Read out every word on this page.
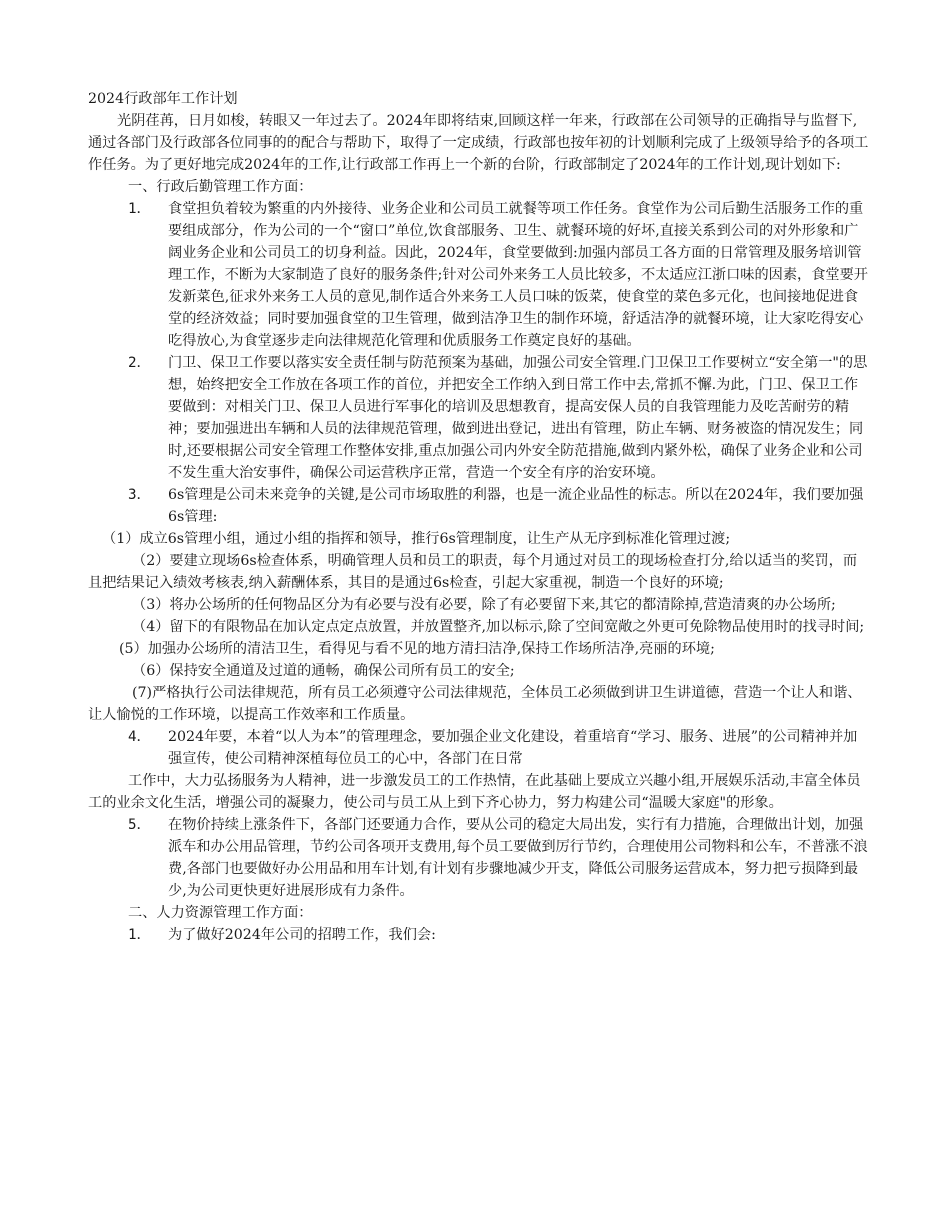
2024行政部年工作计划

光阴荏苒，日月如梭，转眼又一年过去了。2024年即将结束,回顾这样一年来，行政部在公司领导的正确指导与监督下,通过各部门及行政部各位同事的的配合与帮助下，取得了一定成绩，行政部也按年初的计划顺利完成了上级领导给予的各项工作任务。为了更好地完成2024年的工作,让行政部工作再上一个新的台阶，行政部制定了2024年的工作计划,现计划如下:

一、行政后勤管理工作方面：

1． 食堂担负着较为繁重的内外接待、业务企业和公司员工就餐等项工作任务。食堂作为公司后勤生活服务工作的重要组成部分，作为公司的一个“窗口”单位,饮食部服务、卫生、就餐环境的好坏,直接关系到公司的对外形象和广阔业务企业和公司员工的切身利益。因此，2024年，食堂要做到:加强内部员工各方面的日常管理及服务培训管理工作，不断为大家制造了良好的服务条件;针对公司外来务工人员比较多，不太适应江浙口味的因素，食堂要开发新菜色,征求外来务工人员的意见,制作适合外来务工人员口味的饭菜，使食堂的菜色多元化，也间接地促进食堂的经济效益；同时要加强食堂的卫生管理，做到洁净卫生的制作环境，舒适洁净的就餐环境，让大家吃得安心吃得放心,为食堂逐步走向法律规范化管理和优质服务工作奠定良好的基础。

2． 门卫、保卫工作要以落实安全责任制与防范预案为基础，加强公司安全管理.门卫保卫工作要树立“安全第一"的思想，始终把安全工作放在各项工作的首位，并把安全工作纳入到日常工作中去,常抓不懈.为此，门卫、保卫工作要做到：对相关门卫、保卫人员进行军事化的培训及思想教育，提高安保人员的自我管理能力及吃苦耐劳的精神；要加强进出车辆和人员的法律规范管理，做到进出登记，进出有管理，防止车辆、财务被盗的情况发生；同时,还要根据公司安全管理工作整体安排,重点加强公司内外安全防范措施,做到内紧外松，确保了业务企业和公司不发生重大治安事件，确保公司运营秩序正常，营造一个安全有序的治安环境。

3． 6s管理是公司未来竞争的关键,是公司市场取胜的利器，也是一流企业品性的标志。所以在2024年，我们要加强6s管理:

（1）成立6s管理小组，通过小组的指挥和领导，推行6s管理制度，让生产从无序到标准化管理过渡;

（2）要建立现场6s检查体系，明确管理人员和员工的职责，每个月通过对员工的现场检查打分,给以适当的奖罚，而且把结果记入绩效考核表,纳入薪酬体系，其目的是通过6s检查，引起大家重视，制造一个良好的环境;

（3）将办公场所的任何物品区分为有必要与没有必要，除了有必要留下来,其它的都清除掉,营造清爽的办公场所;

（4）留下的有限物品在加认定点定点放置，并放置整齐,加以标示,除了空间宽敞之外更可免除物品使用时的找寻时间;

(5）加强办公场所的清洁卫生，看得见与看不见的地方清扫洁净,保持工作场所洁净,亮丽的环境;

（6）保持安全通道及过道的通畅，确保公司所有员工的安全;

(7)严格执行公司法律规范，所有员工必须遵守公司法律规范，全体员工必须做到讲卫生讲道德，营造一个让人和谐、让人愉悦的工作环境，以提高工作效率和工作质量。

4． 2024年要，本着“以人为本”的管理理念，要加强企业文化建设，着重培育“学习、服务、进展”的公司精神并加强宣传，使公司精神深植每位员工的心中，各部门在日常

工作中，大力弘扬服务为人精神，进一步激发员工的工作热情，在此基础上要成立兴趣小组,开展娱乐活动,丰富全体员工的业余文化生活，增强公司的凝聚力，使公司与员工从上到下齐心协力，努力构建公司“温暖大家庭"的形象。

5． 在物价持续上涨条件下，各部门还要通力合作，要从公司的稳定大局出发，实行有力措施，合理做出计划，加强派车和办公用品管理，节约公司各项开支费用,每个员工要做到厉行节约，合理使用公司物料和公车，不普涨不浪费,各部门也要做好办公用品和用车计划,有计划有步骤地减少开支，降低公司服务运营成本，努力把亏损降到最少,为公司更快更好进展形成有力条件。

二、人力资源管理工作方面：

1． 为了做好2024年公司的招聘工作，我们会:
